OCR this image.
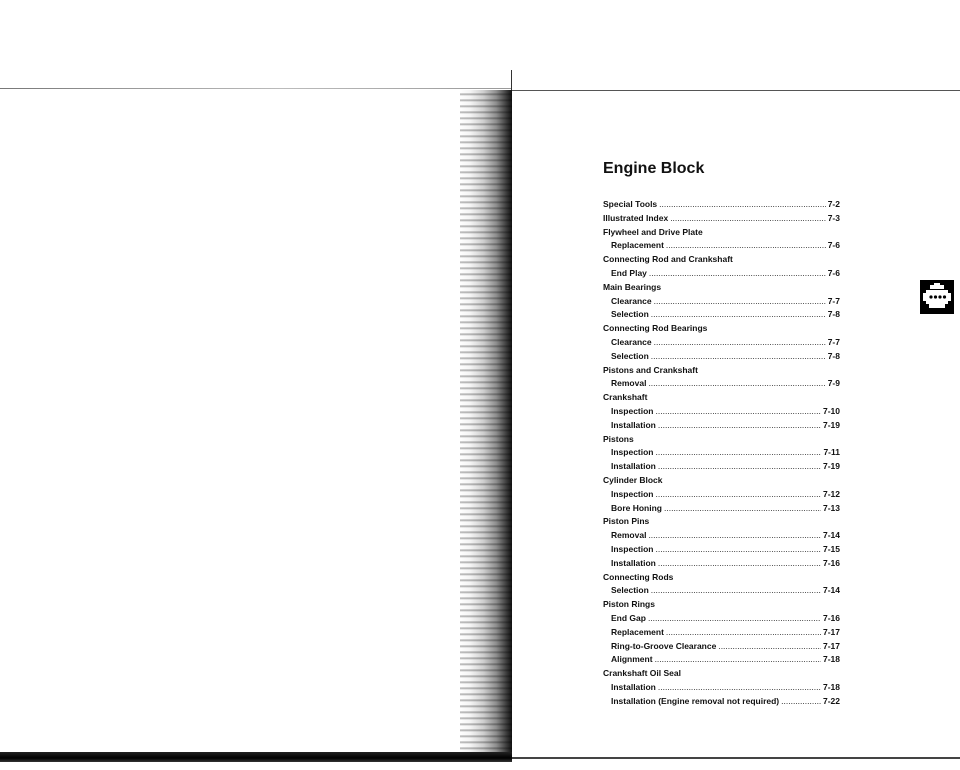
Engine Block
Special Tools .....	7-2
Illustrated Index .....	7-3
Flywheel and Drive Plate
Replacement .....	7-6
Connecting Rod and Crankshaft
End Play .....	7-6
Main Bearings
Clearance .....	7-7
Selection .....	7-8
Connecting Rod Bearings
Clearance .....	7-7
Selection .....	7-8
Pistons and Crankshaft
Removal .....	7-9
Crankshaft
Inspection .....	7-10
Installation .....	7-19
Pistons
Inspection .....	7-11
Installation .....	7-19
Cylinder Block
Inspection .....	7-12
Bore Honing .....	7-13
Piston Pins
Removal .....	7-14
Inspection .....	7-15
Installation .....	7-16
Connecting Rods
Selection .....	7-14
Piston Rings
End Gap .....	7-16
Replacement .....	7-17
Ring-to-Groove Clearance .....	7-17
Alignment .....	7-18
Crankshaft Oil Seal
Installation .....	7-18
Installation (Engine removal not required) .....	7-22
